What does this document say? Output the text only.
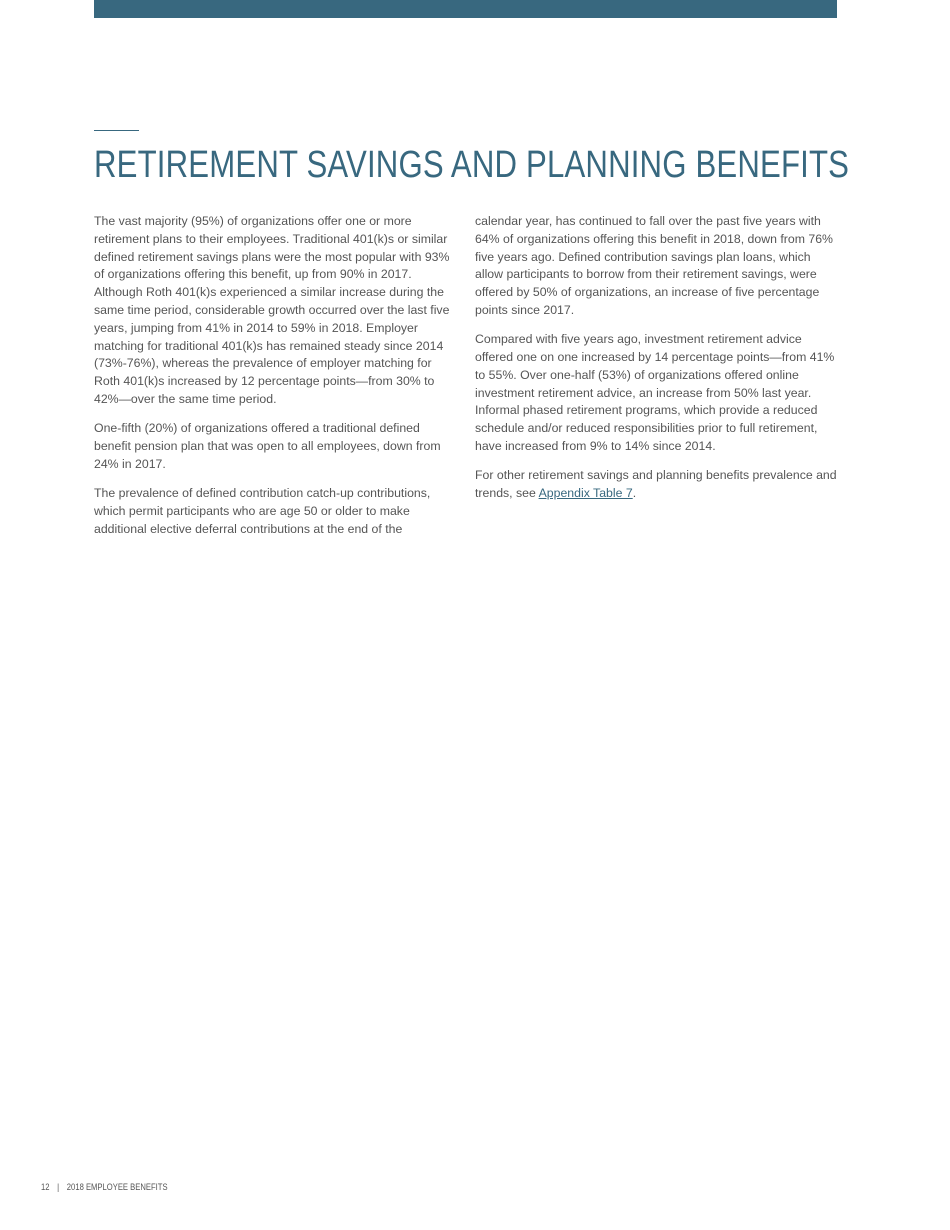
RETIREMENT SAVINGS AND PLANNING BENEFITS

The vast majority (95%) of organizations offer one or more retirement plans to their employees. Traditional 401(k)s or similar defined retirement savings plans were the most popular with 93% of organizations offering this benefit, up from 90% in 2017. Although Roth 401(k)s experienced a similar increase during the same time period, considerable growth occurred over the last five years, jumping from 41% in 2014 to 59% in 2018. Employer matching for traditional 401(k)s has remained steady since 2014 (73%-76%), whereas the prevalence of employer matching for Roth 401(k)s increased by 12 percentage points—from 30% to 42%—over the same time period.

One-fifth (20%) of organizations offered a traditional defined benefit pension plan that was open to all employees, down from 24% in 2017.

The prevalence of defined contribution catch-up contributions, which permit participants who are age 50 or older to make additional elective deferral contributions at the end of the

calendar year, has continued to fall over the past five years with 64% of organizations offering this benefit in 2018, down from 76% five years ago. Defined contribution savings plan loans, which allow participants to borrow from their retirement savings, were offered by 50% of organizations, an increase of five percentage points since 2017.

Compared with five years ago, investment retirement advice offered one on one increased by 14 percentage points—from 41% to 55%. Over one-half (53%) of organizations offered online investment retirement advice, an increase from 50% last year. Informal phased retirement programs, which provide a reduced schedule and/or reduced responsibilities prior to full retirement, have increased from 9% to 14% since 2014.

For other retirement savings and planning benefits prevalence and trends, see Appendix Table 7.

12 | 2018 EMPLOYEE BENEFITS
